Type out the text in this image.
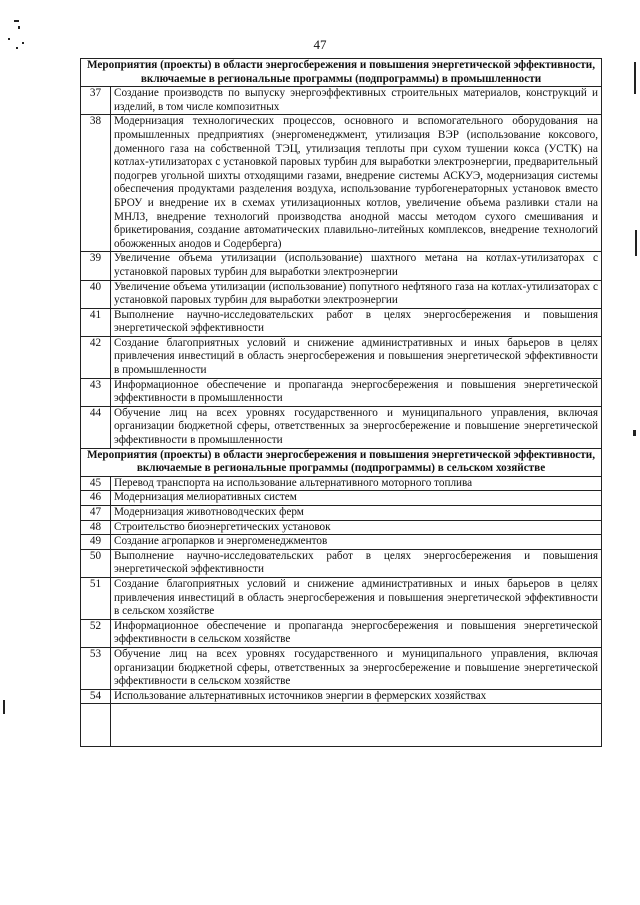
47
Мероприятия (проекты) в области энергосбережения и повышения энергетической эффективности, включаемые в региональные программы (подпрограммы) в промышленности	
37	Создание производств по выпуску энергоэффективных строительных материалов, конструкций и изделий, в том числе композитных
38	Модернизация технологических процессов, основного и вспомогательного оборудования на промышленных предприятиях (энергоменеджмент, утилизация ВЭР (использование коксового, доменного газа на собственной ТЭЦ, утилизация теплоты при сухом тушении кокса (УСТК) на котлах-утилизаторах с установкой паровых турбин для выработки электроэнергии, предварительный подогрев угольной шихты отходящими газами, внедрение системы АСКУЭ, модернизация системы обеспечения продуктами разделения воздуха, использование турбогенераторных установок вместо БРОУ и внедрение их в схемах утилизационных котлов, увеличение объема разливки стали на МНЛЗ, внедрение технологий производства анодной массы методом сухого смешивания и брикетирования, создание автоматических плавильно-литейных комплексов, внедрение технологий обожженных анодов и Содерберга)
39	Увеличение объема утилизации (использование) шахтного метана на котлах-утилизаторах с установкой паровых турбин для выработки электроэнергии
40	Увеличение объема утилизации (использование) попутного нефтяного газа на котлах-утилизаторах с установкой паровых турбин для выработки электроэнергии
41	Выполнение научно-исследовательских работ в целях энергосбережения и повышения энергетической эффективности
42	Создание благоприятных условий и снижение административных и иных барьеров в целях привлечения инвестиций в область энергосбережения и повышения энергетической эффективности в промышленности
43	Информационное обеспечение и пропаганда энергосбережения и повышения энергетической эффективности в промышленности
44	Обучение лиц на всех уровнях государственного и муниципального управления, включая организации бюджетной сферы, ответственных за энергосбережение и повышение энергетической эффективности в промышленности
Мероприятия (проекты) в области энергосбережения и повышения энергетической эффективности, включаемые в региональные программы (подпрограммы) в сельском хозяйстве	
45	Перевод транспорта на использование альтернативного моторного топлива
46	Модернизация мелиоративных систем
47	Модернизация животноводческих ферм
48	Строительство биоэнергетических установок
49	Создание агропарков и энергоменеджментов
50	Выполнение научно-исследовательских работ в целях энергосбережения и повышения энергетической эффективности
51	Создание благоприятных условий и снижение административных и иных барьеров в целях привлечения инвестиций в область энергосбережения и повышения энергетической эффективности в сельском хозяйстве
52	Информационное обеспечение и пропаганда энергосбережения и повышения энергетической эффективности в сельском хозяйстве
53	Обучение лиц на всех уровнях государственного и муниципального управления, включая организации бюджетной сферы, ответственных за энергосбережение и повышение энергетической эффективности в сельском хозяйстве
54	Использование альтернативных источников энергии в фермерских хозяйствах
